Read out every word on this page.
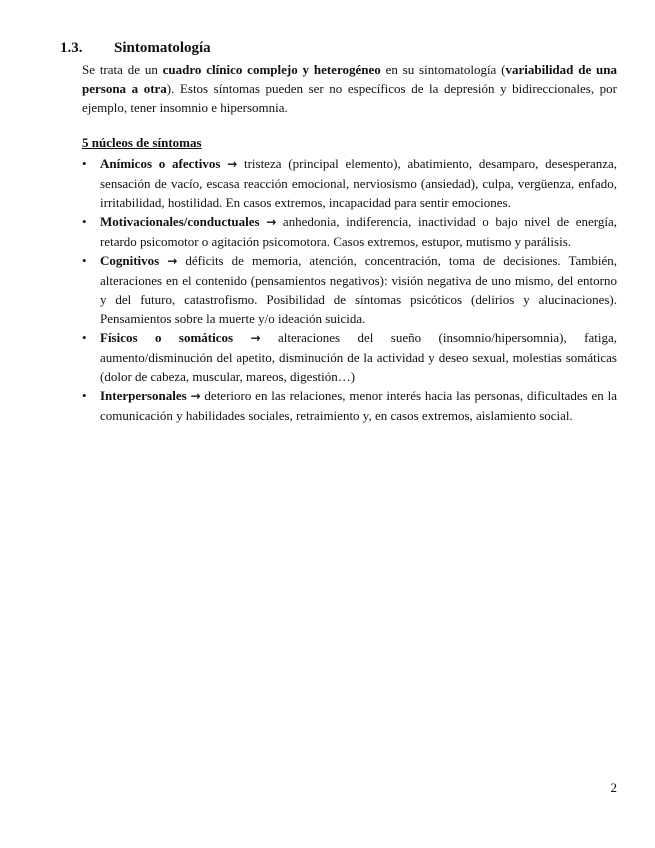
1.3. Sintomatología

Se trata de un cuadro clínico complejo y heterogéneo en su sintomatología (variabilidad de una persona a otra). Estos síntomas pueden ser no específicos de la depresión y bidireccionales, por ejemplo, tener insomnio e hipersomnia.

5 núcleos de síntomas

• Anímicos o afectivos → tristeza (principal elemento), abatimiento, desamparo, desesperanza, sensación de vacío, escasa reacción emocional, nerviosismo (ansiedad), culpa, vergüenza, enfado, irritabilidad, hostilidad. En casos extremos, incapacidad para sentir emociones.
• Motivacionales/conductuales → anhedonia, indiferencia, inactividad o bajo nivel de energía, retardo psicomotor o agitación psicomotora. Casos extremos, estupor, mutismo y parálisis.
• Cognitivos → déficits de memoria, atención, concentración, toma de decisiones. También, alteraciones en el contenido (pensamientos negativos): visión negativa de uno mismo, del entorno y del futuro, catastrofismo. Posibilidad de síntomas psicóticos (delirios y alucinaciones). Pensamientos sobre la muerte y/o ideación suicida.
• Físicos o somáticos → alteraciones del sueño (insomnio/hipersomnia), fatiga, aumento/disminución del apetito, disminución de la actividad y deseo sexual, molestias somáticas (dolor de cabeza, muscular, mareos, digestión…)
• Interpersonales → deterioro en las relaciones, menor interés hacia las personas, dificultades en la comunicación y habilidades sociales, retraimiento y, en casos extremos, aislamiento social.

2
